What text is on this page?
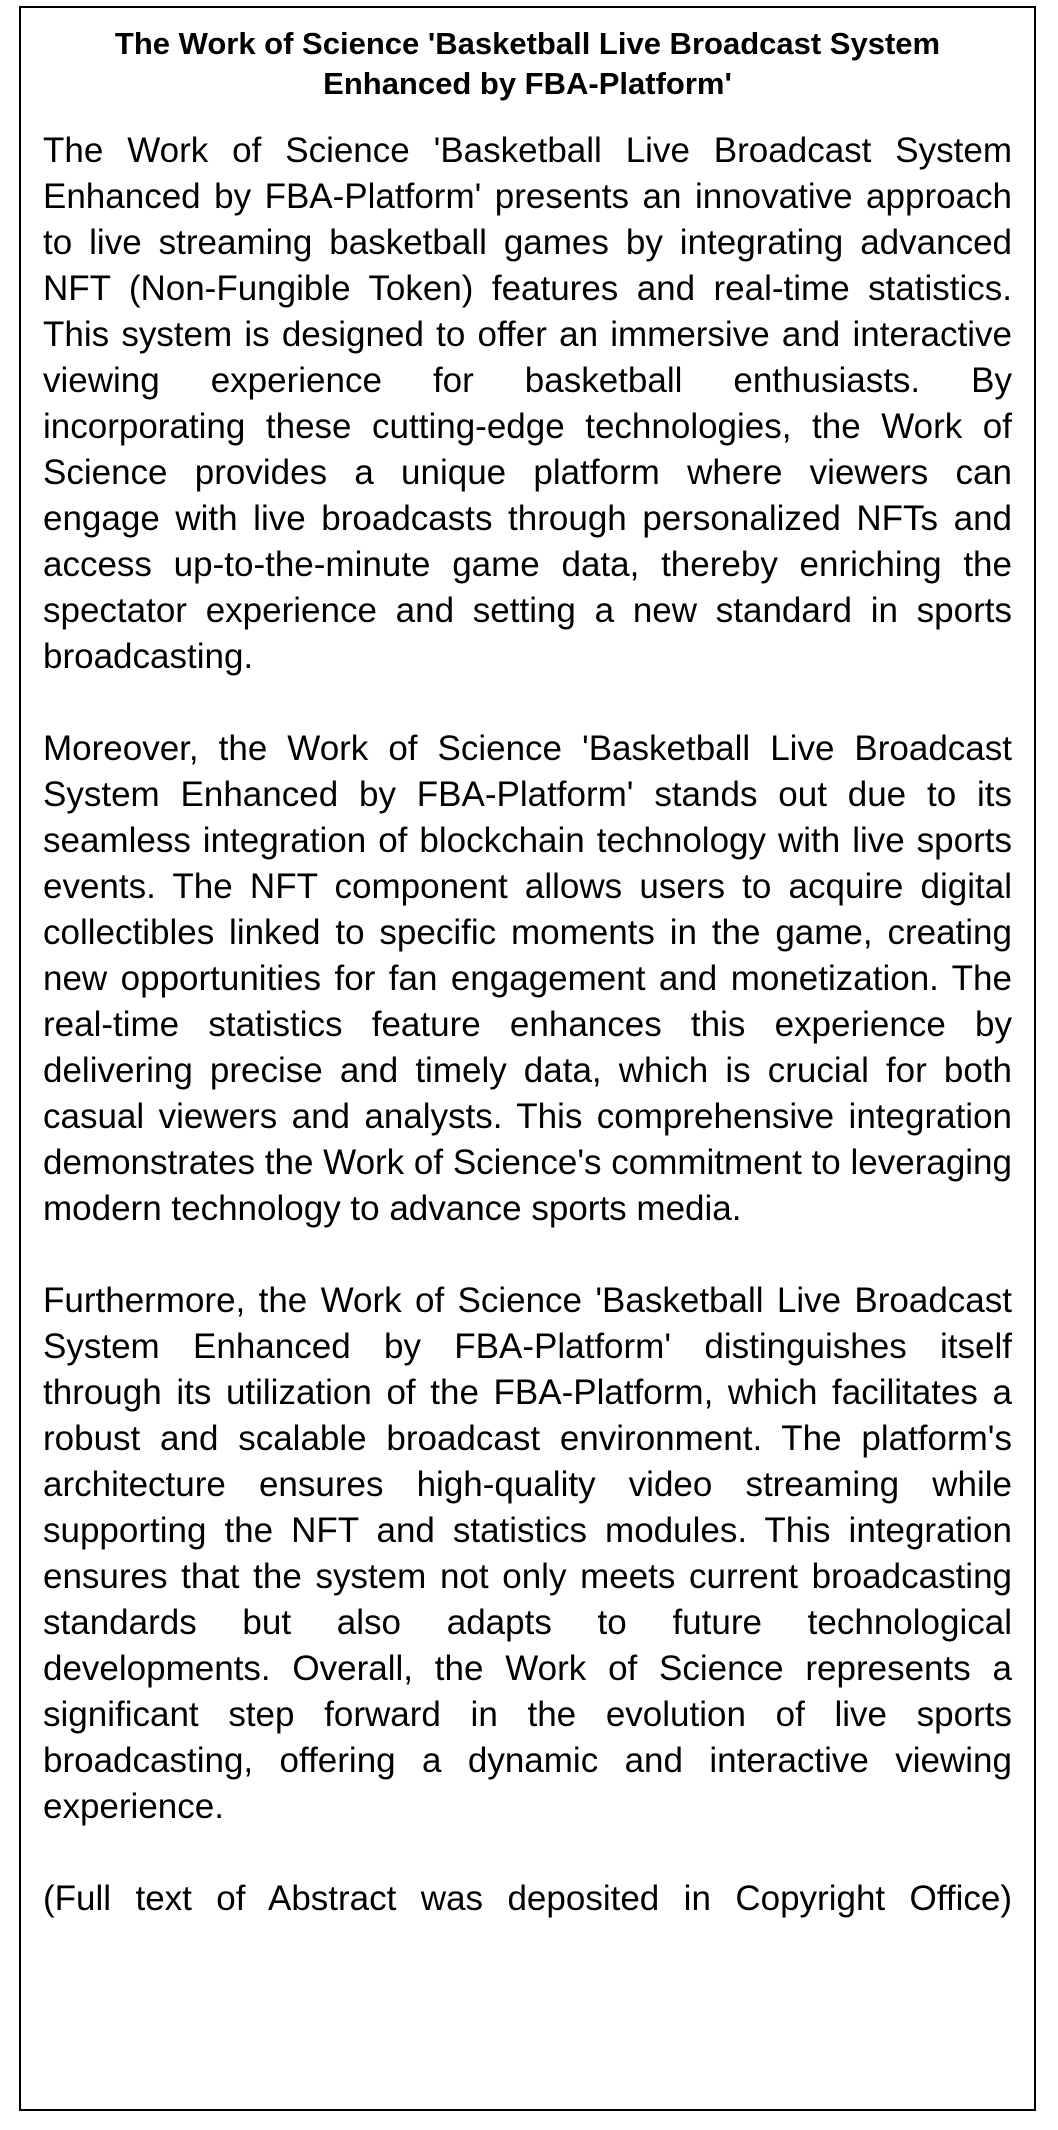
The Work of Science 'Basketball Live Broadcast System Enhanced by FBA-Platform'

The Work of Science 'Basketball Live Broadcast System Enhanced by FBA-Platform' presents an innovative approach to live streaming basketball games by integrating advanced NFT (Non-Fungible Token) features and real-time statistics. This system is designed to offer an immersive and interactive viewing experience for basketball enthusiasts. By incorporating these cutting-edge technologies, the Work of Science provides a unique platform where viewers can engage with live broadcasts through personalized NFTs and access up-to-the-minute game data, thereby enriching the spectator experience and setting a new standard in sports broadcasting.

Moreover, the Work of Science 'Basketball Live Broadcast System Enhanced by FBA-Platform' stands out due to its seamless integration of blockchain technology with live sports events. The NFT component allows users to acquire digital collectibles linked to specific moments in the game, creating new opportunities for fan engagement and monetization. The real-time statistics feature enhances this experience by delivering precise and timely data, which is crucial for both casual viewers and analysts. This comprehensive integration demonstrates the Work of Science's commitment to leveraging modern technology to advance sports media.

Furthermore, the Work of Science 'Basketball Live Broadcast System Enhanced by FBA-Platform' distinguishes itself through its utilization of the FBA-Platform, which facilitates a robust and scalable broadcast environment. The platform's architecture ensures high-quality video streaming while supporting the NFT and statistics modules. This integration ensures that the system not only meets current broadcasting standards but also adapts to future technological developments. Overall, the Work of Science represents a significant step forward in the evolution of live sports broadcasting, offering a dynamic and interactive viewing experience.

(Full text of Abstract was deposited in Copyright Office)
